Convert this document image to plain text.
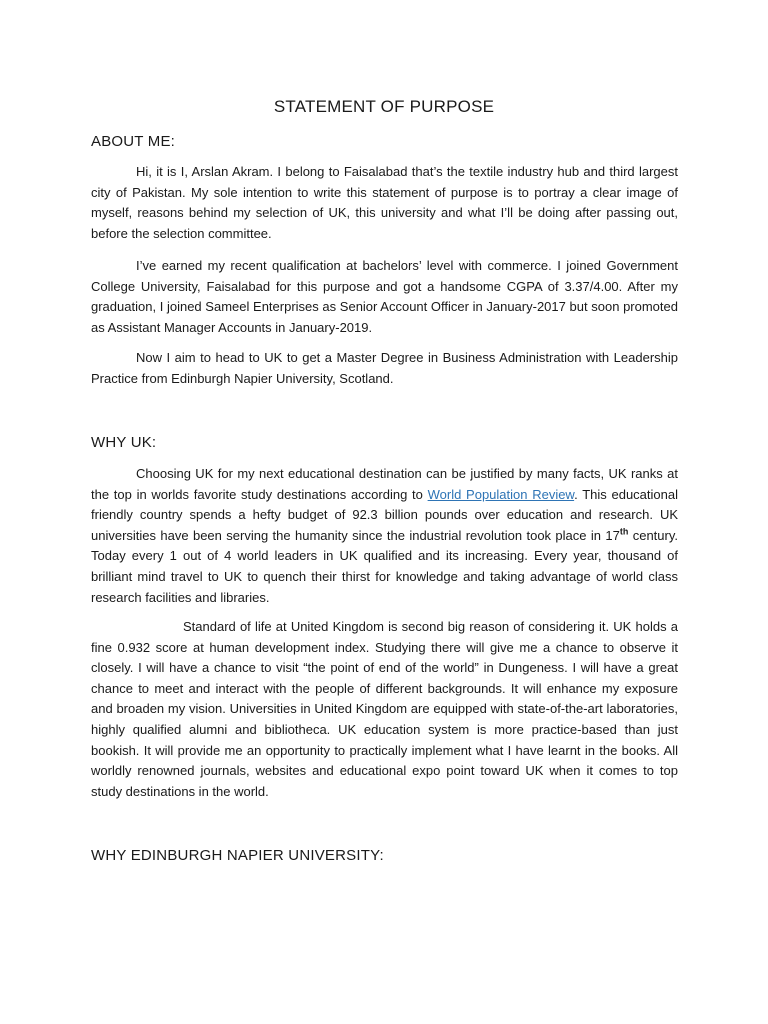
STATEMENT OF PURPOSE
ABOUT ME:

Hi, it is I, Arslan Akram. I belong to Faisalabad that’s the textile industry hub and third largest city of Pakistan. My sole intention to write this statement of purpose is to portray a clear image of myself, reasons behind my selection of UK, this university and what I’ll be doing after passing out, before the selection committee.

I’ve earned my recent qualification at bachelors’ level with commerce. I joined Government College University, Faisalabad for this purpose and got a handsome CGPA of 3.37/4.00. After my graduation, I joined Sameel Enterprises as Senior Account Officer in January-2017 but soon promoted as Assistant Manager Accounts in January-2019.

Now I aim to head to UK to get a Master Degree in Business Administration with Leadership Practice from Edinburgh Napier University, Scotland.

WHY UK:

Choosing UK for my next educational destination can be justified by many facts, UK ranks at the top in worlds favorite study destinations according to World Population Review. This educational friendly country spends a hefty budget of 92.3 billion pounds over education and research. UK universities have been serving the humanity since the industrial revolution took place in 17th century. Today every 1 out of 4 world leaders in UK qualified and its increasing. Every year, thousand of brilliant mind travel to UK to quench their thirst for knowledge and taking advantage of world class research facilities and libraries.

Standard of life at United Kingdom is second big reason of considering it. UK holds a fine 0.932 score at human development index. Studying there will give me a chance to observe it closely. I will have a chance to visit “the point of end of the world” in Dungeness. I will have a great chance to meet and interact with the people of different backgrounds. It will enhance my exposure and broaden my vision. Universities in United Kingdom are equipped with state-of-the-art laboratories, highly qualified alumni and bibliotheca. UK education system is more practice-based than just bookish. It will provide me an opportunity to practically implement what I have learnt in the books. All worldly renowned journals, websites and educational expo point toward UK when it comes to top study destinations in the world.

WHY EDINBURGH NAPIER UNIVERSITY:
